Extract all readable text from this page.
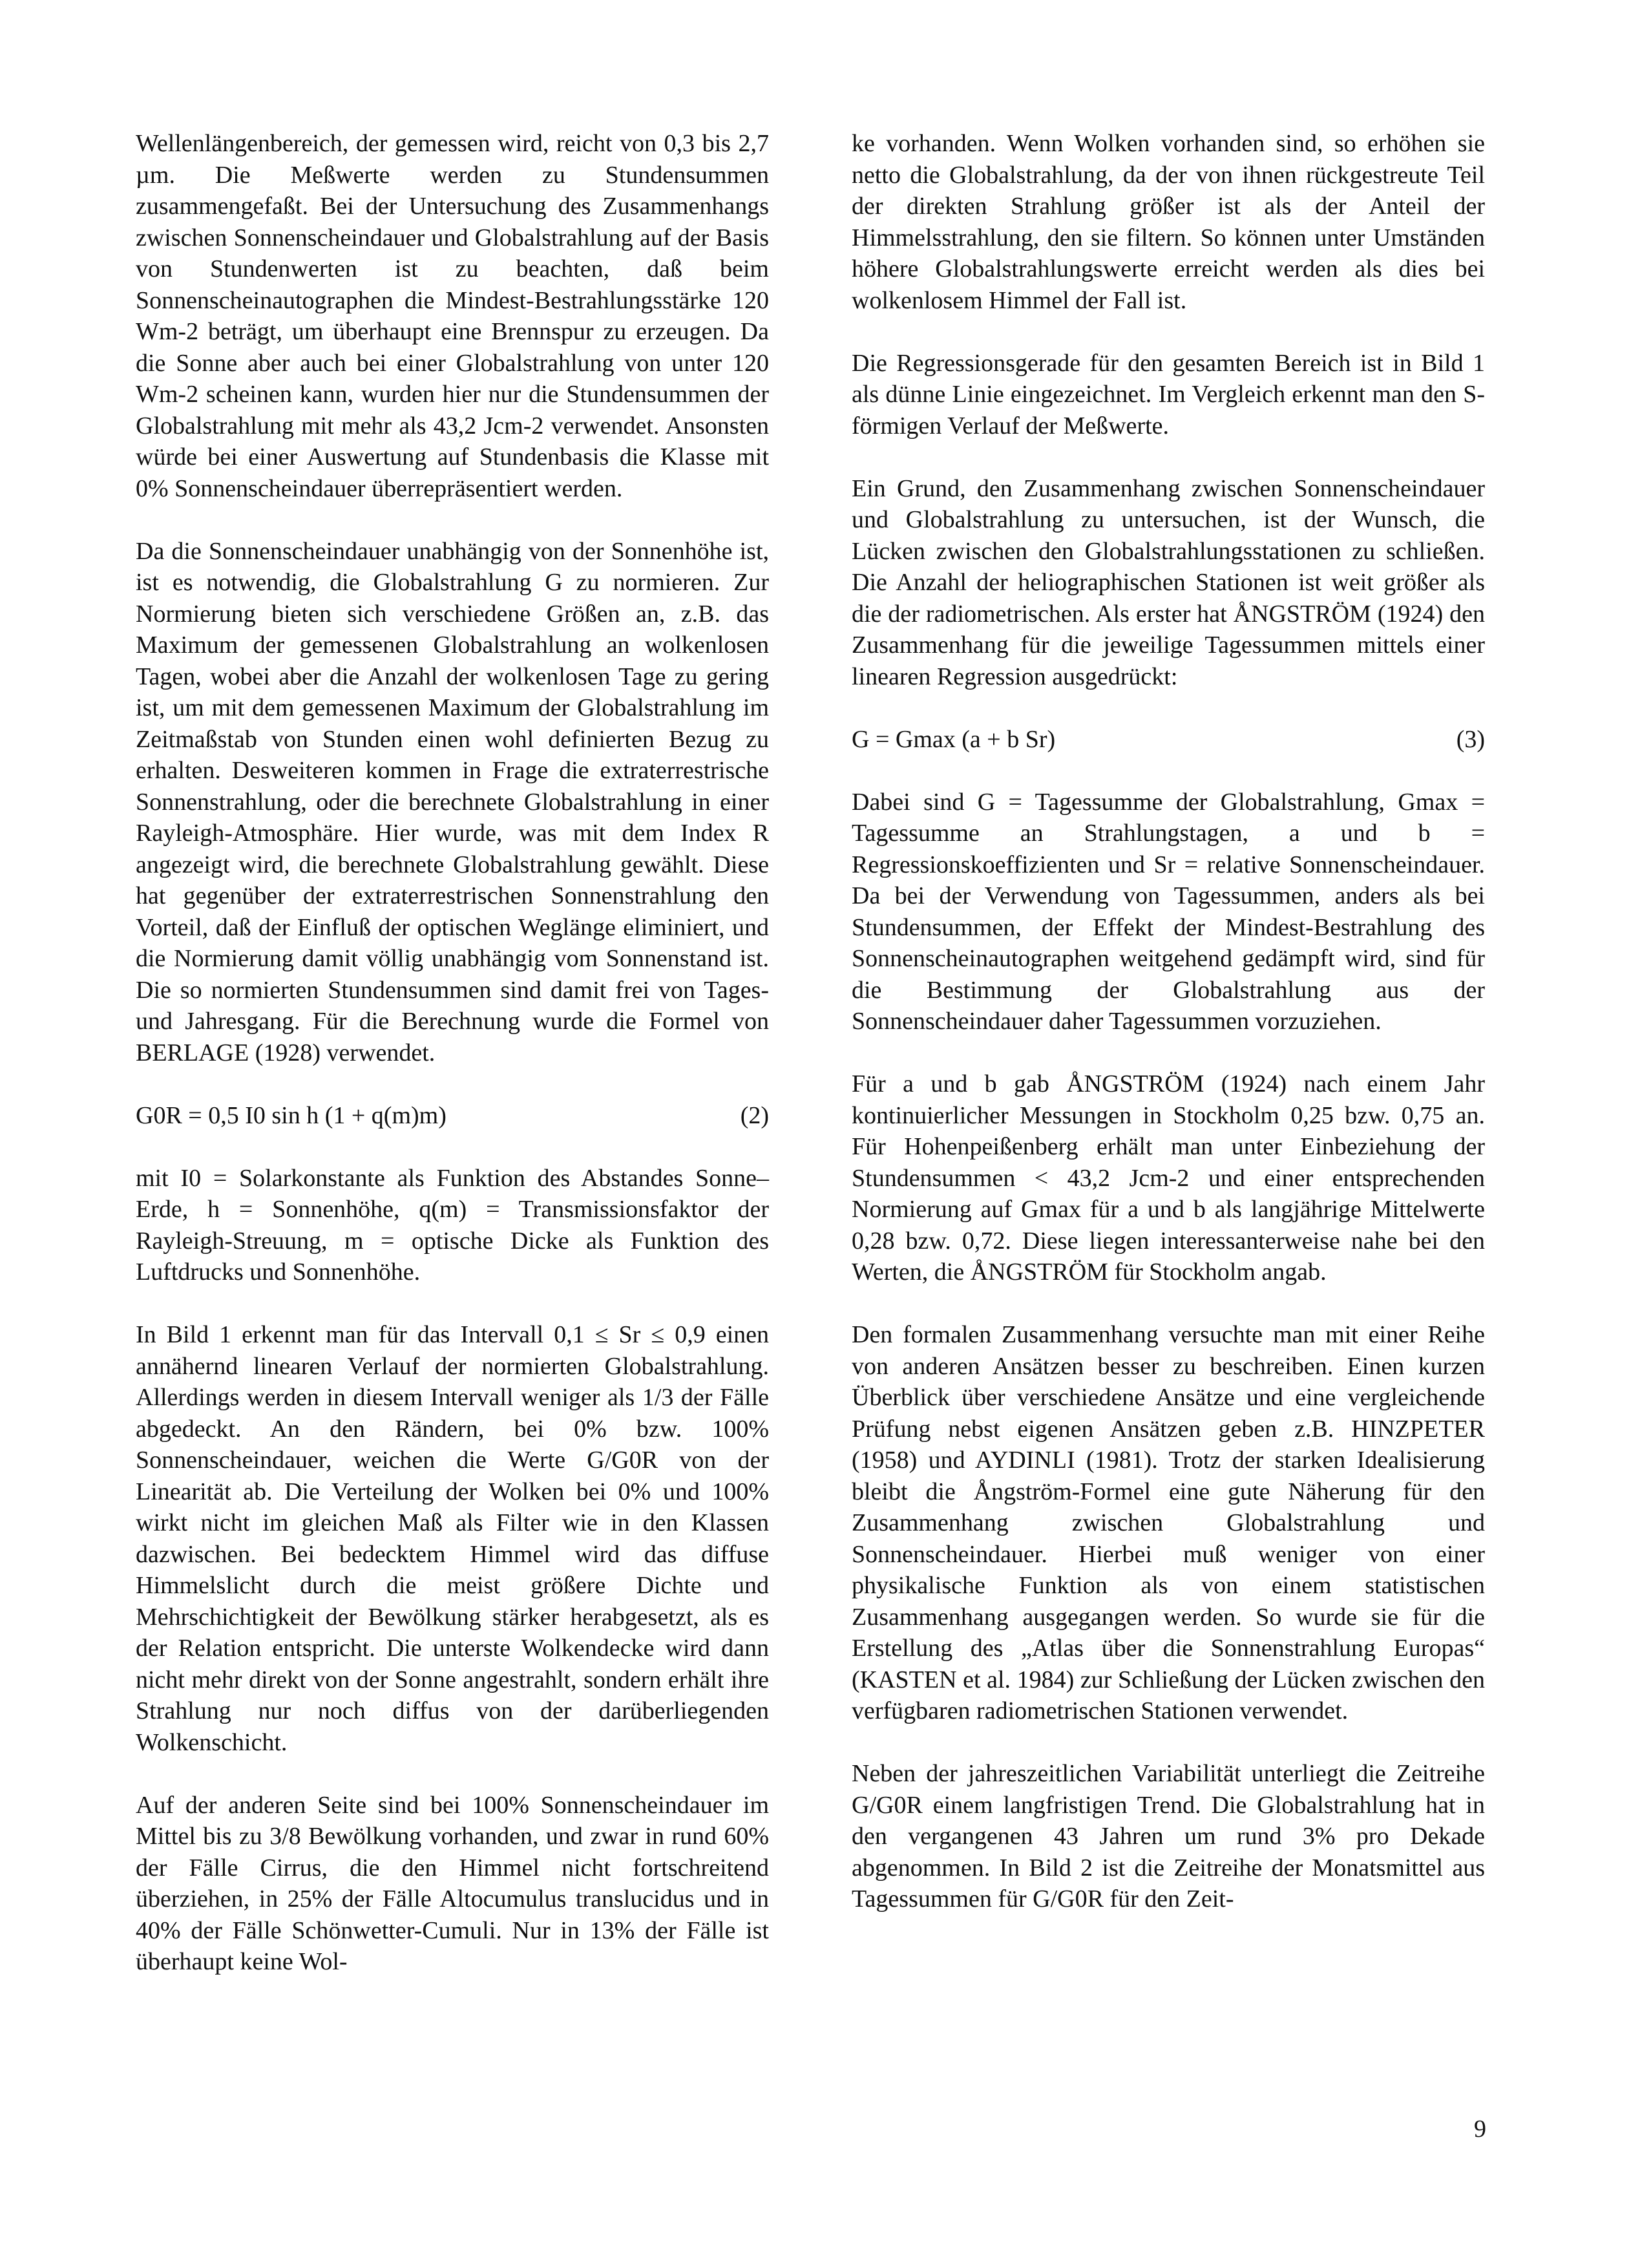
Wellenlängenbereich, der gemessen wird, reicht von 0,3 bis 2,7 µm. Die Meßwerte werden zu Stundensummen zusammengefaßt. Bei der Untersuchung des Zusammenhangs zwischen Sonnenscheindauer und Globalstrahlung auf der Basis von Stundenwerten ist zu beachten, daß beim Sonnenscheinautographen die Mindest-Bestrahlungsstärke 120 Wm-2 beträgt, um überhaupt eine Brennspur zu erzeugen. Da die Sonne aber auch bei einer Globalstrahlung von unter 120 Wm-2 scheinen kann, wurden hier nur die Stundensummen der Globalstrahlung mit mehr als 43,2 Jcm-2 verwendet. Ansonsten würde bei einer Auswertung auf Stundenbasis die Klasse mit 0% Sonnenscheindauer überrepräsentiert werden.

Da die Sonnenscheindauer unabhängig von der Sonnenhöhe ist, ist es notwendig, die Globalstrahlung G zu normieren. Zur Normierung bieten sich verschiedene Größen an, z.B. das Maximum der gemessenen Globalstrahlung an wolkenlosen Tagen, wobei aber die Anzahl der wolkenlosen Tage zu gering ist, um mit dem gemessenen Maximum der Globalstrahlung im Zeitmaßstab von Stunden einen wohl definierten Bezug zu erhalten. Desweiteren kommen in Frage die extraterrestrische Sonnenstrahlung, oder die berechnete Globalstrahlung in einer Rayleigh-Atmosphäre. Hier wurde, was mit dem Index R angezeigt wird, die berechnete Globalstrahlung gewählt. Diese hat gegenüber der extraterrestrischen Sonnenstrahlung den Vorteil, daß der Einfluß der optischen Weglänge eliminiert, und die Normierung damit völlig unabhängig vom Sonnenstand ist. Die so normierten Stundensummen sind damit frei von Tages- und Jahresgang. Für die Berechnung wurde die Formel von BERLAGE (1928) verwendet.

G0R = 0,5 I0 sin h (1 + q(m)m)	(2)

mit I0 = Solarkonstante als Funktion des Abstandes Sonne–Erde, h = Sonnenhöhe, q(m) = Transmissionsfaktor der Rayleigh-Streuung, m = optische Dicke als Funktion des Luftdrucks und Sonnenhöhe.

In Bild 1 erkennt man für das Intervall 0,1 ≤ Sr ≤ 0,9 einen annähernd linearen Verlauf der normierten Globalstrahlung. Allerdings werden in diesem Intervall weniger als 1/3 der Fälle abgedeckt. An den Rändern, bei 0% bzw. 100% Sonnenscheindauer, weichen die Werte G/G0R von der Linearität ab. Die Verteilung der Wolken bei 0% und 100% wirkt nicht im gleichen Maß als Filter wie in den Klassen dazwischen. Bei bedecktem Himmel wird das diffuse Himmelslicht durch die meist größere Dichte und Mehrschichtigkeit der Bewölkung stärker herabgesetzt, als es der Relation entspricht. Die unterste Wolkendecke wird dann nicht mehr direkt von der Sonne angestrahlt, sondern erhält ihre Strahlung nur noch diffus von der darüberliegenden Wolkenschicht.

Auf der anderen Seite sind bei 100% Sonnenscheindauer im Mittel bis zu 3/8 Bewölkung vorhanden, und zwar in rund 60% der Fälle Cirrus, die den Himmel nicht fortschreitend überziehen, in 25% der Fälle Altocumulus translucidus und in 40% der Fälle Schönwetter-Cumuli. Nur in 13% der Fälle ist überhaupt keine Wol-

ke vorhanden. Wenn Wolken vorhanden sind, so erhöhen sie netto die Globalstrahlung, da der von ihnen rückgestreute Teil der direkten Strahlung größer ist als der Anteil der Himmelsstrahlung, den sie filtern. So können unter Umständen höhere Globalstrahlungswerte erreicht werden als dies bei wolkenlosem Himmel der Fall ist.

Die Regressionsgerade für den gesamten Bereich ist in Bild 1 als dünne Linie eingezeichnet. Im Vergleich erkennt man den S-förmigen Verlauf der Meßwerte.

Ein Grund, den Zusammenhang zwischen Sonnenscheindauer und Globalstrahlung zu untersuchen, ist der Wunsch, die Lücken zwischen den Globalstrahlungsstationen zu schließen. Die Anzahl der heliographischen Stationen ist weit größer als die der radiometrischen. Als erster hat ÅNGSTRÖM (1924) den Zusammenhang für die jeweilige Tagessummen mittels einer linearen Regression ausgedrückt:

G = Gmax (a + b Sr)	(3)

Dabei sind G = Tagessumme der Globalstrahlung, Gmax = Tagessumme an Strahlungstagen, a und b = Regressionskoeffizienten und Sr = relative Sonnenscheindauer. Da bei der Verwendung von Tagessummen, anders als bei Stundensummen, der Effekt der Mindest-Bestrahlung des Sonnenscheinautographen weitgehend gedämpft wird, sind für die Bestimmung der Globalstrahlung aus der Sonnenscheindauer daher Tagessummen vorzuziehen.

Für a und b gab ÅNGSTRÖM (1924) nach einem Jahr kontinuierlicher Messungen in Stockholm 0,25 bzw. 0,75 an. Für Hohenpeißenberg erhält man unter Einbeziehung der Stundensummen < 43,2 Jcm-2 und einer entsprechenden Normierung auf Gmax für a und b als langjährige Mittelwerte 0,28 bzw. 0,72. Diese liegen interessanterweise nahe bei den Werten, die ÅNGSTRÖM für Stockholm angab.

Den formalen Zusammenhang versuchte man mit einer Reihe von anderen Ansätzen besser zu beschreiben. Einen kurzen Überblick über verschiedene Ansätze und eine vergleichende Prüfung nebst eigenen Ansätzen geben z.B. HINZPETER (1958) und AYDINLI (1981). Trotz der starken Idealisierung bleibt die Ångström-Formel eine gute Näherung für den Zusammenhang zwischen Globalstrahlung und Sonnenscheindauer. Hierbei muß weniger von einer physikalische Funktion als von einem statistischen Zusammenhang ausgegangen werden. So wurde sie für die Erstellung des „Atlas über die Sonnenstrahlung Europas“ (KASTEN et al. 1984) zur Schließung der Lücken zwischen den verfügbaren radiometrischen Stationen verwendet.

Neben der jahreszeitlichen Variabilität unterliegt die Zeitreihe G/G0R einem langfristigen Trend. Die Globalstrahlung hat in den vergangenen 43 Jahren um rund 3% pro Dekade abgenommen. In Bild 2 ist die Zeitreihe der Monatsmittel aus Tagessummen für G/G0R für den Zeit-

9
